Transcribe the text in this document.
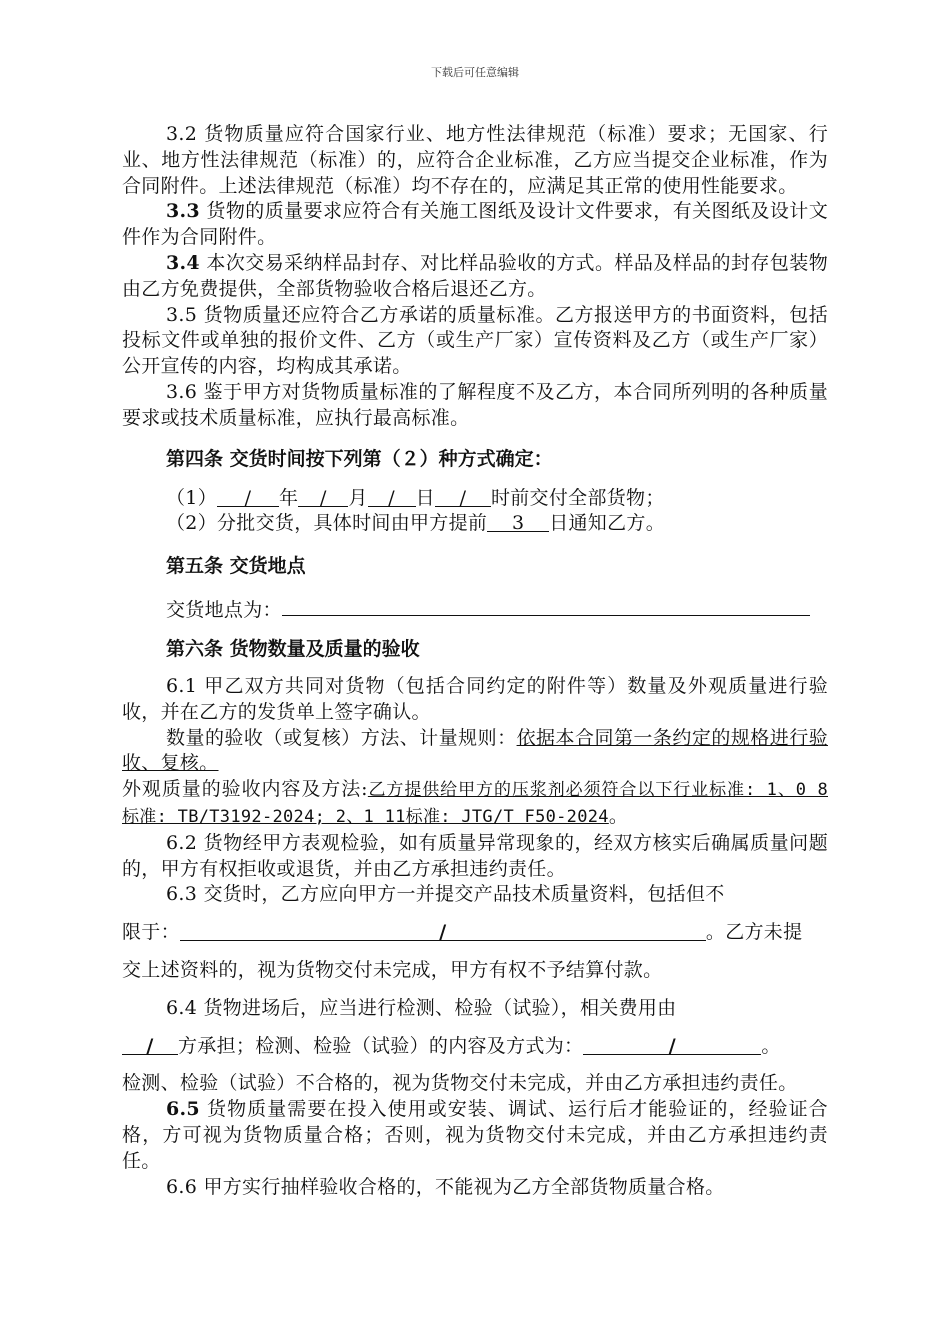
下载后可任意编辑

3.2 货物质量应符合国家行业、地方性法律规范（标准）要求；无国家、行业、地方性法律规范（标准）的，应符合企业标准，乙方应当提交企业标准，作为合同附件。上述法律规范（标准）均不存在的，应满足其正常的使用性能要求。

3.3 货物的质量要求应符合有关施工图纸及设计文件要求，有关图纸及设计文件作为合同附件。

3.4 本次交易采纳样品封存、对比样品验收的方式。样品及样品的封存包装物由乙方免费提供，全部货物验收合格后退还乙方。

3.5 货物质量还应符合乙方承诺的质量标准。乙方报送甲方的书面资料，包括投标文件或单独的报价文件、乙方（或生产厂家）宣传资料及乙方（或生产厂家）公开宣传的内容，均构成其承诺。

3.6 鉴于甲方对货物质量标准的了解程度不及乙方，本合同所列明的各种质量要求或技术质量标准，应执行最高标准。

第四条 交货时间按下列第（２）种方式确定：

（1） / 年 / 月 / 日 / 时前交付全部货物；

（2）分批交货，具体时间由甲方提前 3 日通知乙方。

第五条 交货地点

交货地点为：

第六条 货物数量及质量的验收

6.1 甲乙双方共同对货物（包括合同约定的附件等）数量及外观质量进行验收，并在乙方的发货单上签字确认。

数量的验收（或复核）方法、计量规则：依据本合同第一条约定的规格进行验收、复核。

外观质量的验收内容及方法:乙方提供给甲方的压浆剂必须符合以下行业标准: 1、0 8 标准: TB/T3192-2024; 2、1 11标准: JTG/T F50-2024。

6.2 货物经甲方表观检验，如有质量异常现象的，经双方核实后确属质量问题的，甲方有权拒收或退货，并由乙方承担违约责任。

6.3 交货时，乙方应向甲方一并提交产品技术质量资料，包括但不

限于：	/	。乙方未提

交上述资料的，视为货物交付未完成，甲方有权不予结算付款。

6.4 货物进场后，应当进行检测、检验（试验），相关费用由

/ 方承担；检测、检验（试验）的内容及方式为：	/	。

检测、检验（试验）不合格的，视为货物交付未完成，并由乙方承担违约责任。

6.5 货物质量需要在投入使用或安装、调试、运行后才能验证的，经验证合格，方可视为货物质量合格；否则，视为货物交付未完成，并由乙方承担违约责任。

6.6 甲方实行抽样验收合格的，不能视为乙方全部货物质量合格。
